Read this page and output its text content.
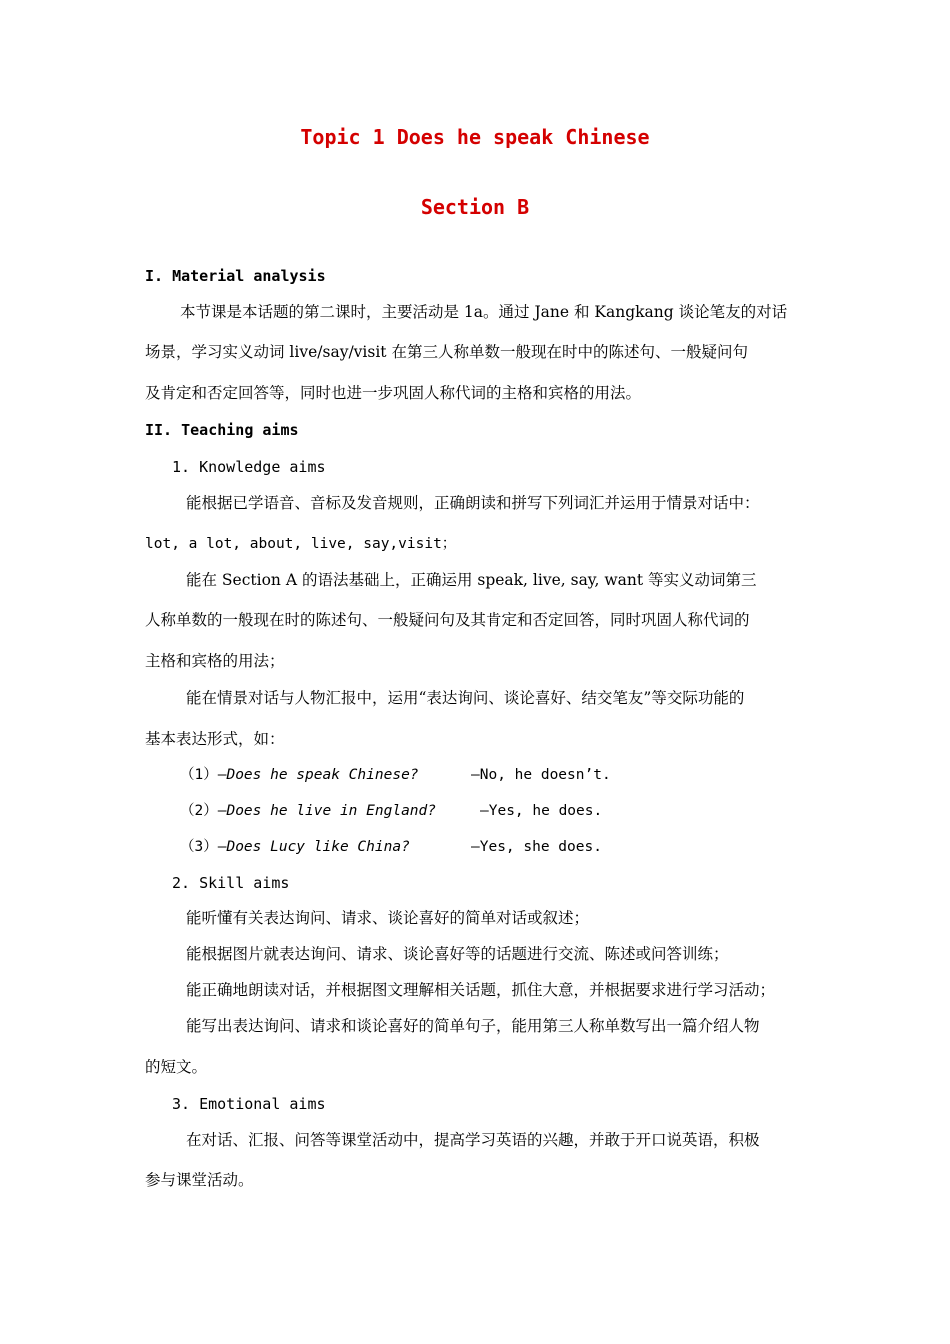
Topic 1 Does he speak Chinese
Section B
I. Material analysis
本节课是本话题的第二课时，主要活动是 1a。通过 Jane 和 Kangkang 谈论笔友的对话
场景，学习实义动词 live/say/visit 在第三人称单数一般现在时中的陈述句、一般疑问句
及肯定和否定回答等，同时也进一步巩固人称代词的主格和宾格的用法。
II. Teaching aims
1. Knowledge aims
能根据已学语音、音标及发音规则，正确朗读和拼写下列词汇并运用于情景对话中：
lot, a lot, about, live, say,visit；
能在 Section A 的语法基础上，正确运用 speak, live, say, want 等实义动词第三
人称单数的一般现在时的陈述句、一般疑问句及其肯定和否定回答，同时巩固人称代词的
主格和宾格的用法；
能在情景对话与人物汇报中，运用“表达询问、谈论喜好、结交笔友”等交际功能的
基本表达形式，如：
（1）—Does he speak Chinese?	—No, he doesn’t.
（2）—Does he live in England?	—Yes, he does.
（3）—Does Lucy like China?	—Yes, she does.
2. Skill aims
能听懂有关表达询问、请求、谈论喜好的简单对话或叙述；
能根据图片就表达询问、请求、谈论喜好等的话题进行交流、陈述或问答训练；
能正确地朗读对话，并根据图文理解相关话题，抓住大意，并根据要求进行学习活动；
能写出表达询问、请求和谈论喜好的简单句子，能用第三人称单数写出一篇介绍人物
的短文。
3. Emotional aims
在对话、汇报、问答等课堂活动中，提高学习英语的兴趣，并敢于开口说英语，积极
参与课堂活动。
